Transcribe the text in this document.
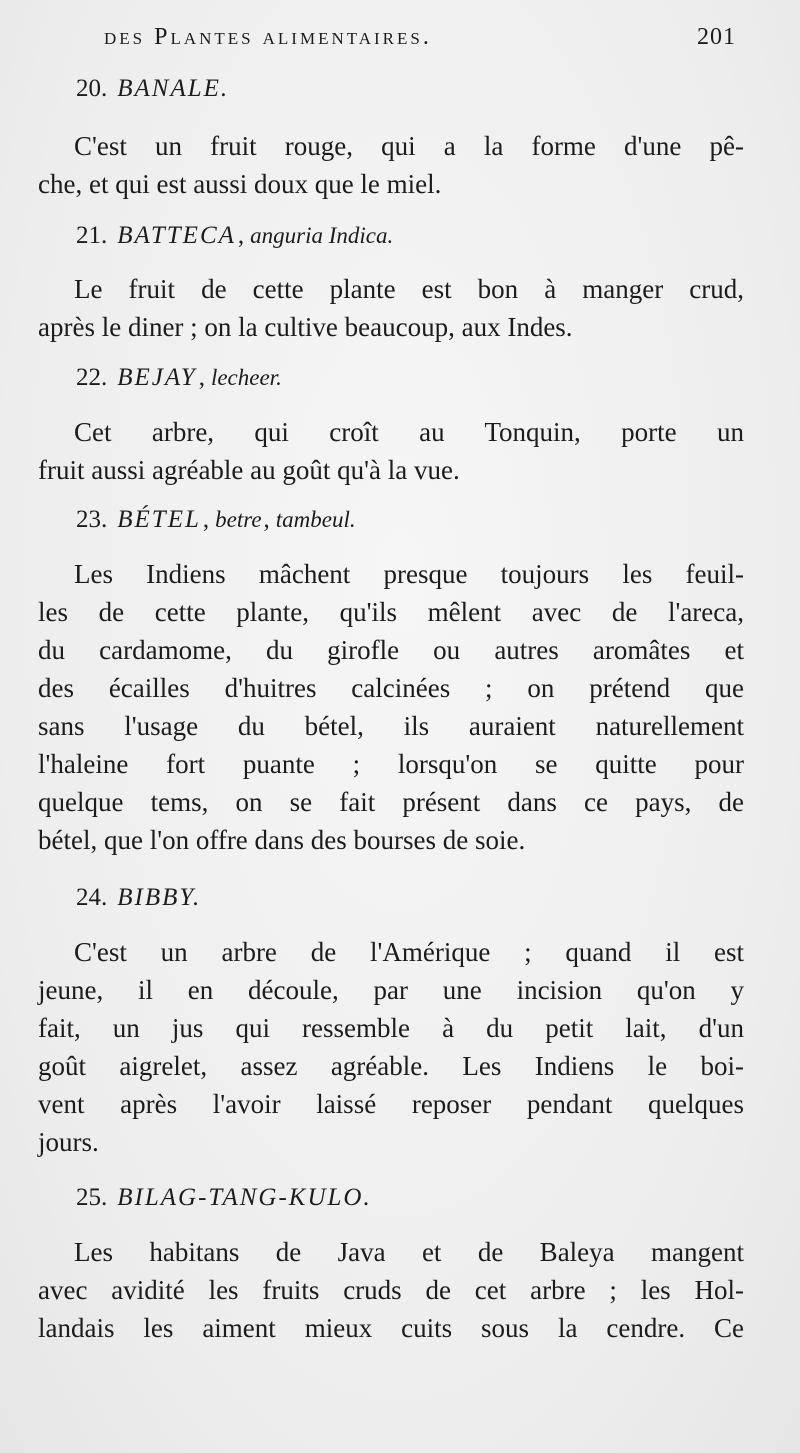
des Plantes alimentaires.	201
20. BANALE.
C'est un fruit rouge, qui a la forme d'une pê-
che, et qui est aussi doux que le miel.
21. BATTECA, anguria Indica.
Le fruit de cette plante est bon à manger crud,
après le diner ; on la cultive beaucoup, aux Indes.
22. BEJAY, lecheer.
Cet arbre, qui croît au Tonquin, porte un
fruit aussi agréable au goût qu'à la vue.
23. BÉTEL, betre, tambeul.
Les Indiens mâchent presque toujours les feuil-
les de cette plante, qu'ils mêlent avec de l'areca,
du cardamome, du girofle ou autres aromâtes et
des écailles d'huitres calcinées ; on prétend que
sans l'usage du bétel, ils auraient naturellement
l'haleine fort puante ; lorsqu'on se quitte pour
quelque tems, on se fait présent dans ce pays, de
bétel, que l'on offre dans des bourses de soie.
24. BIBBY.
C'est un arbre de l'Amérique ; quand il est
jeune, il en découle, par une incision qu'on y
fait, un jus qui ressemble à du petit lait, d'un
goût aigrelet, assez agréable. Les Indiens le boi-
vent après l'avoir laissé reposer pendant quelques
jours.
25. BILAG-TANG-KULO.
Les habitans de Java et de Baleya mangent
avec avidité les fruits cruds de cet arbre ; les Hol-
landais les aiment mieux cuits sous la cendre. Ce
